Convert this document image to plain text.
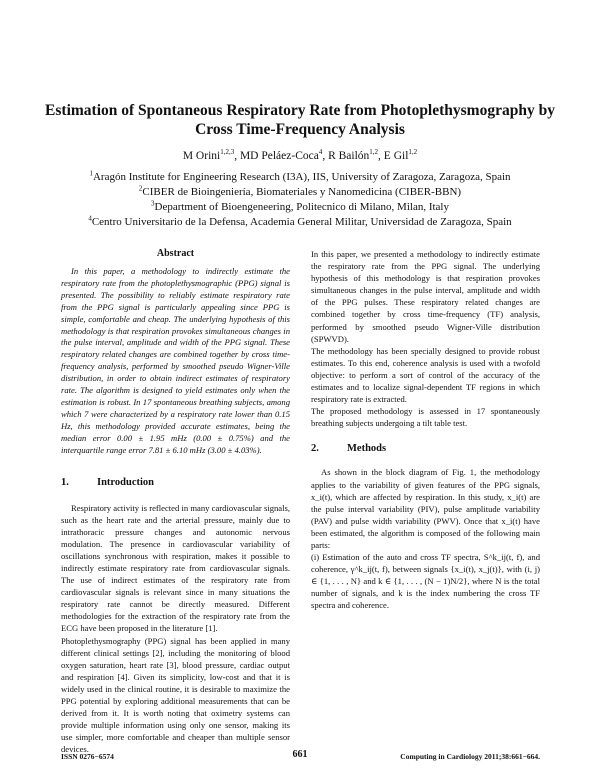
Estimation of Spontaneous Respiratory Rate from Photoplethysmography by Cross Time-Frequency Analysis
M Orini$^{1,2,3}$, MD Peláez-Coca$^4$, R Bailón$^{1,2}$, E Gil$^{1,2}$
$^1$Aragón Institute for Engineering Research (I3A), IIS, University of Zaragoza, Zaragoza, Spain
$^2$CIBER de Bioingeniería, Biomateriales y Nanomedicina (CIBER-BBN)
$^3$Department of Bioengeneering, Politecnico di Milano, Milan, Italy
$^4$Centro Universitario de la Defensa, Academia General Militar, Universidad de Zaragoza, Spain
Abstract

In this paper, a methodology to indirectly estimate the respiratory rate from the photoplethysmographic (PPG) signal is presented. The possibility to reliably estimate respiratory rate from the PPG signal is particularly appealing since PPG is simple, comfortable and cheap. The underlying hypothesis of this methodology is that respiration provokes simultaneous changes in the pulse interval, amplitude and width of the PPG signal. These respiratory related changes are combined together by cross time-frequency analysis, performed by smoothed pseudo Wigner-Ville distribution, in order to obtain indirect estimates of respiratory rate. The algorithm is designed to yield estimates only when the estimation is robust. In 17 spontaneous breathing subjects, among which 7 were characterized by a respiratory rate lower than 0.15 Hz, this methodology provided accurate estimates, being the median error 0.00 ± 1.95 mHz (0.00 ± 0.75%) and the interquartile range error 7.81 ± 6.10 mHz (3.00 ± 4.03%).

1.	Introduction

Respiratory activity is reflected in many cardiovascular signals, such as the heart rate and the arterial pressure, mainly due to intrathoracic pressure changes and autonomic nervous modulation. The presence in cardiovascular variability of oscillations synchronous with respiration, makes it possible to indirectly estimate respiratory rate from cardiovascular signals. The use of indirect estimates of the respiratory rate from cardiovascular signals is relevant since in many situations the respiratory rate cannot be directly measured. Different methodologies for the extraction of the respiratory rate from the ECG have been proposed in the literature [1].

Photoplethysmography (PPG) signal has been applied in many different clinical settings [2], including the monitoring of blood oxygen saturation, heart rate [3], blood pressure, cardiac output and respiration [4]. Given its simplicity, low-cost and that it is widely used in the clinical routine, it is desirable to maximize the PPG potential by exploring additional measurements that can be derived from it. It is worth noting that oximetry systems can provide multiple information using only one sensor, making its use simpler, more comfortable and cheaper than multiple sensor devices.

In this paper, we presented a methodology to indirectly estimate the respiratory rate from the PPG signal. The underlying hypothesis of this methodology is that respiration provokes simultaneous changes in the pulse interval, amplitude and width of the PPG pulses. These respiratory related changes are combined together by cross time-frequency (TF) analysis, performed by smoothed pseudo Wigner-Ville distribution (SPWVD).

The methodology has been specially designed to provide robust estimates. To this end, coherence analysis is used with a twofold objective: to perform a sort of control of the accuracy of the estimates and to localize signal-dependent TF regions in which respiratory rate is extracted.

The proposed methodology is assessed in 17 spontaneously breathing subjects undergoing a tilt table test.

2.	Methods

As shown in the block diagram of Fig. 1, the methodology applies to the variability of given features of the PPG signals, x_i(t), which are affected by respiration. In this study, x_i(t) are the pulse interval variability (PIV), pulse amplitude variability (PAV) and pulse width variability (PWV). Once that x_i(t) have been estimated, the algorithm is composed of the following main parts:

(i) Estimation of the auto and cross TF spectra, S^k_ij(t, f), and coherence, γ^k_ij(t, f), between signals {x_i(t), x_j(t)}, with (i, j) ∈ {1, . . . , N} and k ∈ {1, . . . , (N − 1)N/2}, where N is the total number of signals, and k is the index numbering the cross TF spectra and coherence.

ISSN 0276−6574	661	Computing in Cardiology 2011;38:661−664.
